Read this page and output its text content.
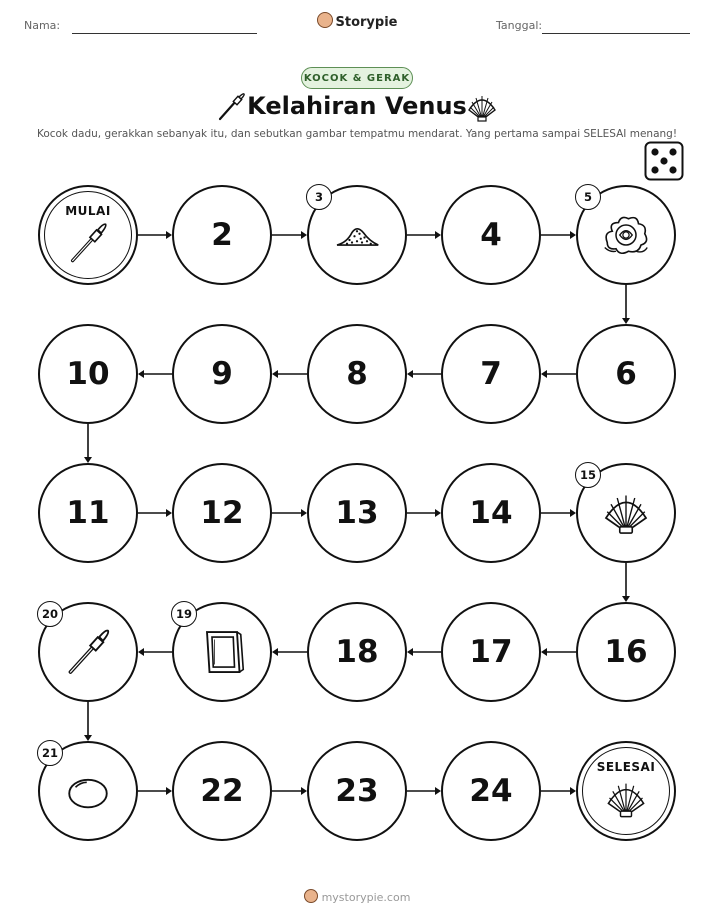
Nama:	Storypie	Tanggal:
KOCOK & GERAK
Kelahiran Venus
Kocok dadu, gerakkan sebanyak itu, dan sebutkan gambar tempatmu mendarat. Yang pertama sampai SELESAI menang!
MULAI
2
3
4
5
6
7
8
9
10
11	12	13	14
15
16
17
18
19
20
21
22	23	24
SELESAI
mystorypie.com
